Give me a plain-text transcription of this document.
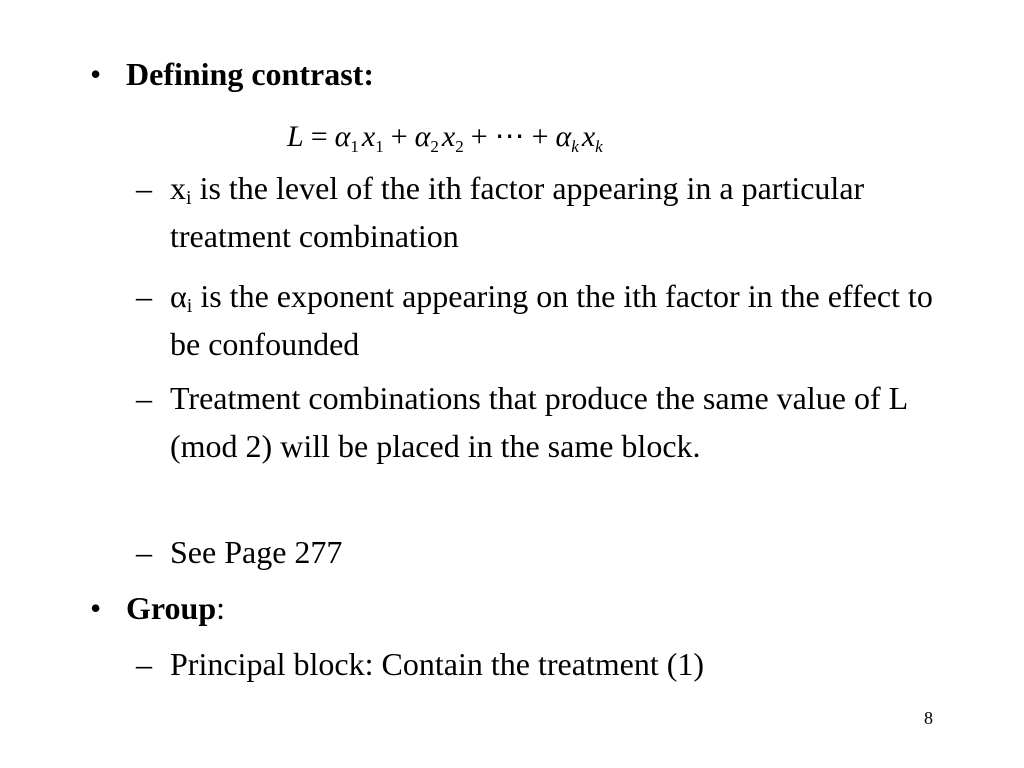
• Defining contrast:
$L = \alpha_1$ $x_1 + \alpha_2$ $x_2$ + ⋯ + $\alpha_k$ $x_k$
– $x_i$ is the level of the ith factor appearing in a particular treatment combination
– $\alpha_i$ is the exponent appearing on the ith factor in the effect to be confounded
– Treatment combinations that produce the same value of L (mod 2) will be placed in the same block.
– See Page 277
• Group:
– Principal block: Contain the treatment (1)
8
